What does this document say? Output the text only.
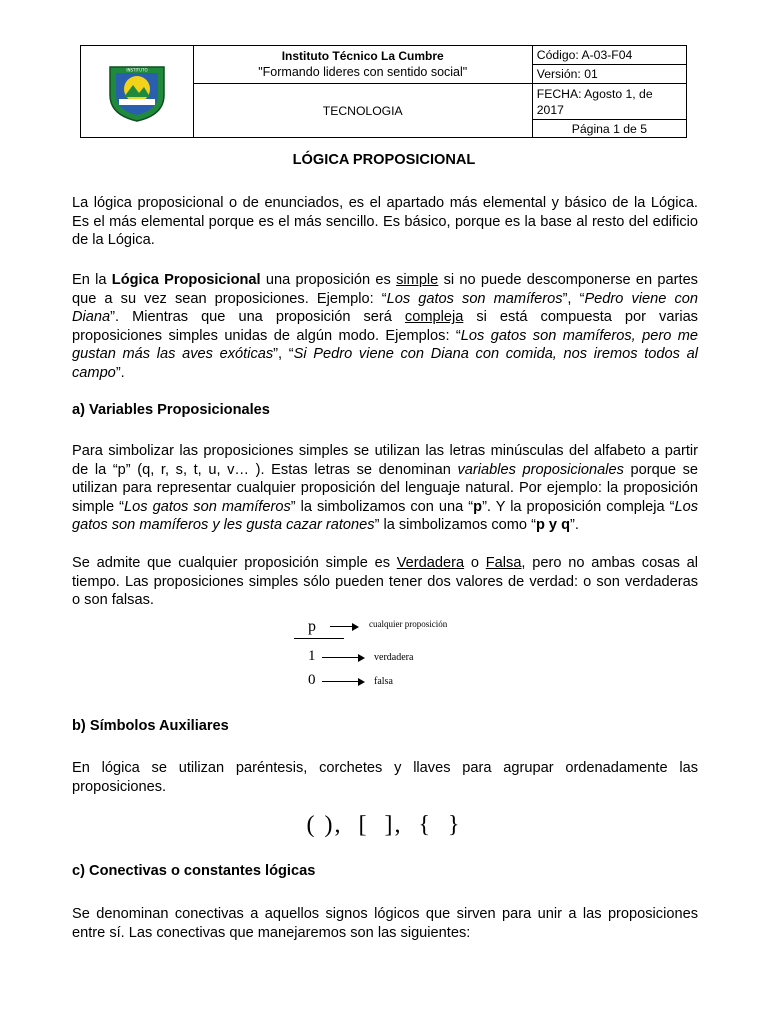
INSTITUTO	Instituto Técnico La Cumbre
"Formando lideres con sentido social"	Código: A-03-F04
		Versión: 01
	TECNOLOGIA	FECHA: Agosto 1, de 2017
		Página 1 de 5
LÓGICA PROPOSICIONAL
La lógica proposicional o de enunciados, es el apartado más elemental y básico de la Lógica.
Es el más elemental porque es el más sencillo. Es básico, porque es la base al resto del edificio
de la Lógica.
En la Lógica Proposicional una proposición es simple si no puede descomponerse en partes
que a su vez sean proposiciones. Ejemplo: “Los gatos son mamíferos”, “Pedro viene con
Diana”. Mientras que una proposición será compleja si está compuesta por varias
proposiciones simples unidas de algún modo. Ejemplos: “Los gatos son mamíferos, pero me
gustan más las aves exóticas”, “Si Pedro viene con Diana con comida, nos iremos todos al
campo”.
a) Variables Proposicionales
Para simbolizar las proposiciones simples se utilizan las letras minúsculas del alfabeto a partir
de la “p” (q, r, s, t, u, v… ). Estas letras se denominan variables proposicionales porque se
utilizan para representar cualquier proposición del lenguaje natural. Por ejemplo: la proposición
simple “Los gatos son mamíferos” la simbolizamos con una “p”. Y la proposición compleja “Los
gatos son mamíferos y les gusta cazar ratones” la simbolizamos como “p y q”.
Se admite que cualquier proposición simple es Verdadera o Falsa, pero no ambas cosas al
tiempo. Las proposiciones simples sólo pueden tener dos valores de verdad: o son verdaderas
o son falsas.
p	cualquier proposición
1	verdadera
0	falsa
b) Símbolos Auxiliares
En lógica se utilizan paréntesis, corchetes y llaves para agrupar ordenadamente las
proposiciones.
( ),  [  ],  {  }
c) Conectivas o constantes lógicas
Se denominan conectivas a aquellos signos lógicos que sirven para unir a las proposiciones
entre sí. Las conectivas que manejaremos son las siguientes:
